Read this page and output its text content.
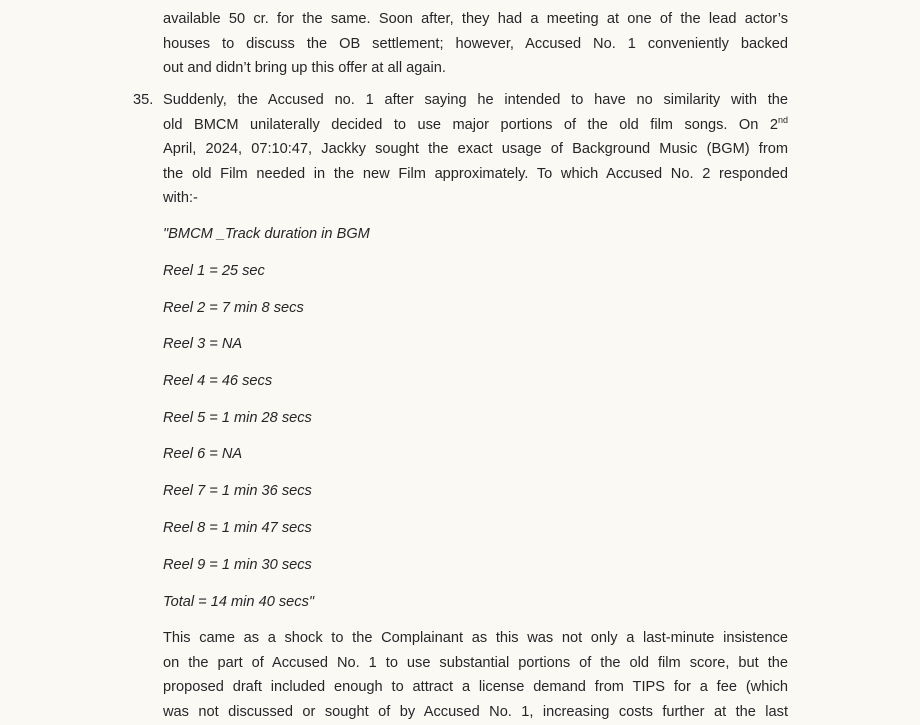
available 50 cr. for the same. Soon after, they had a meeting at one of the lead actor’s
houses to discuss the OB settlement; however, Accused No. 1 conveniently backed
out and didn’t bring up this offer at all again.
35. Suddenly, the Accused no. 1 after saying he intended to have no similarity with the
old BMCM unilaterally decided to use major portions of the old film songs. On 2nd
April, 2024, 07:10:47, Jackky sought the exact usage of Background Music (BGM) from
the old Film needed in the new Film approximately. To which Accused No. 2 responded
with:-

"BMCM _Track duration in BGM

Reel 1 = 25 sec

Reel 2 = 7 min 8 secs

Reel 3 = NA

Reel 4 = 46 secs

Reel 5 = 1 min 28 secs

Reel 6 = NA

Reel 7 = 1 min 36 secs

Reel 8 = 1 min 47 secs

Reel 9 = 1 min 30 secs

Total = 14 min 40 secs"

This came as a shock to the Complainant as this was not only a last-minute insistence
on the part of Accused No. 1 to use substantial portions of the old film score, but the
proposed draft included enough to attract a license demand from TIPS for a fee (which
was not discussed or sought of by Accused No. 1, increasing costs further at the last
